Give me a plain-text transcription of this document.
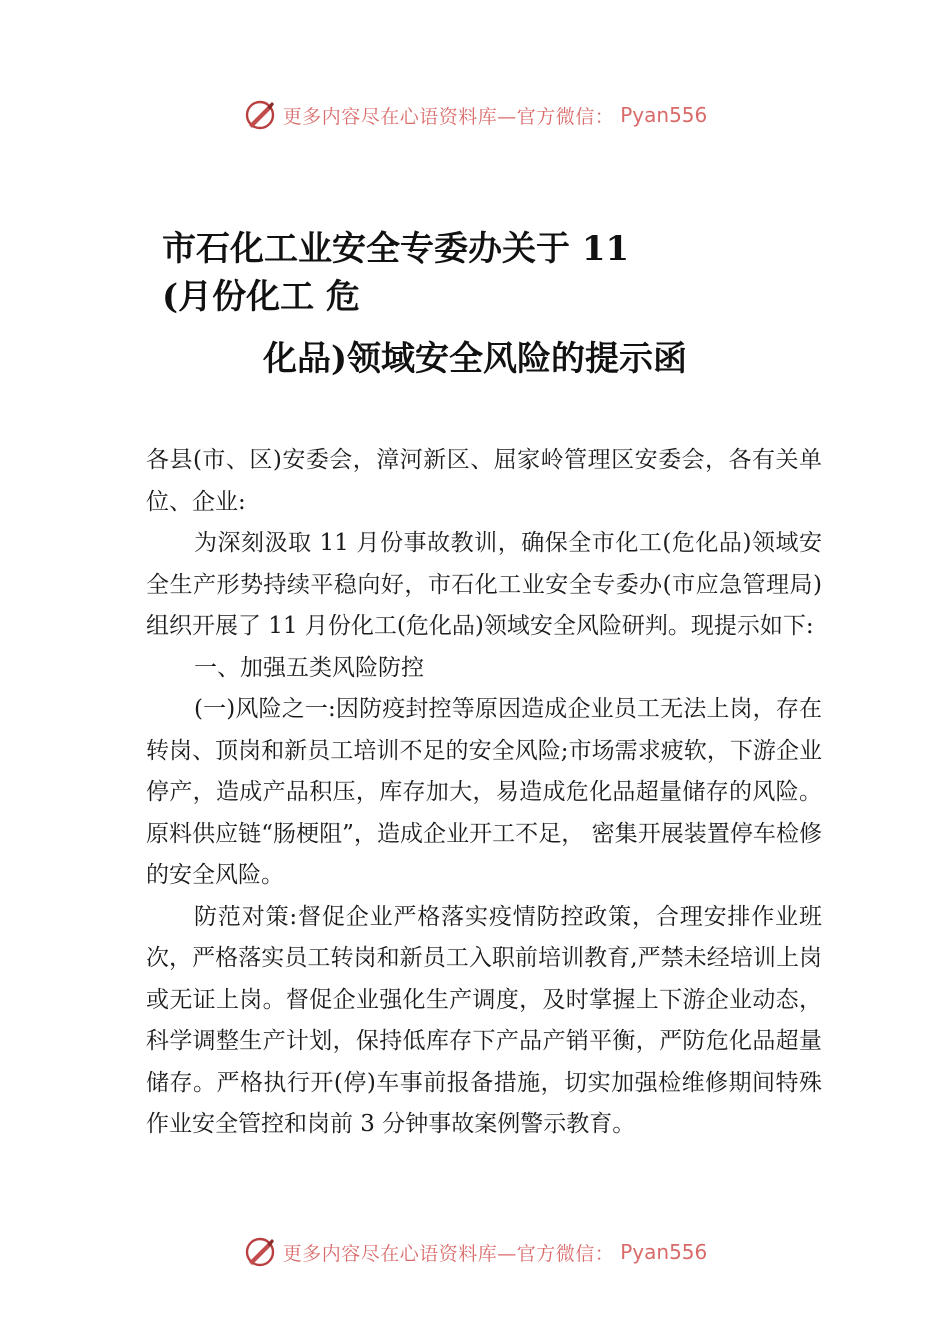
更多内容尽在心语资料库—官方微信： Pyan556
市石化工业安全专委办关于 11
(月份化工 危
化品)领域安全风险的提示函

各县(市、区)安委会，漳河新区、屈家岭管理区安委会，各有关单位、企业:

为深刻汲取 11 月份事故教训，确保全市化工(危化品)领域安全生产形势持续平稳向好，市石化工业安全专委办(市应急管理局)组织开展了 11 月份化工(危化品)领域安全风险研判。现提示如下:

一、加强五类风险防控

(一)风险之一:因防疫封控等原因造成企业员工无法上岗，存在转岗、顶岗和新员工培训不足的安全风险;市场需求疲软，下游企业停产，造成产品积压，库存加大，易造成危化品超量储存的风险。原料供应链“肠梗阻”，造成企业开工不足， 密集开展装置停车检修的安全风险。

防范对策:督促企业严格落实疫情防控政策，合理安排作业班次，严格落实员工转岗和新员工入职前培训教育,严禁未经培训上岗或无证上岗。督促企业强化生产调度，及时掌握上下游企业动态，科学调整生产计划，保持低库存下产品产销平衡，严防危化品超量储存。严格执行开(停)车事前报备措施，切实加强检维修期间特殊作业安全管控和岗前 3 分钟事故案例警示教育。

更多内容尽在心语资料库—官方微信： Pyan556
